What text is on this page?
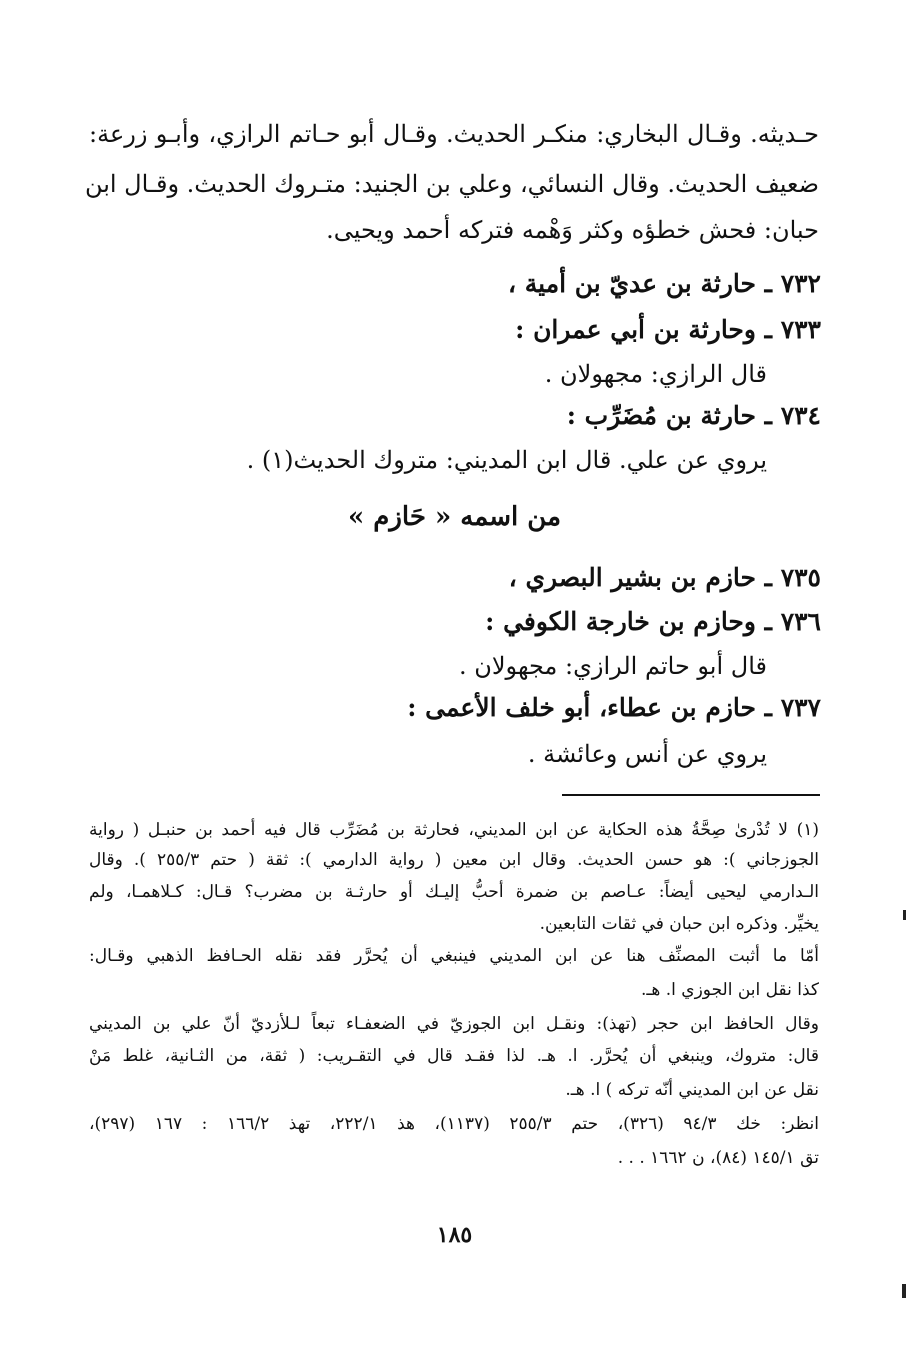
حـديثه. وقـال البخاري: منكـر الحديث. وقـال أبو حـاتم الرازي، وأبـو زرعة:
ضعيف الحديث. وقال النسائي، وعلي بن الجنيد: متـروك الحديث. وقـال ابن
حبان: فحش خطؤه وكثر وَهْمه فتركه أحمد ويحيى.
٧٣٢ ـ حارثة بن عديّ بن أمية ،
٧٣٣ ـ وحارثة بن أبي عمران :
قال الرازي: مجهولان .
٧٣٤ ـ حارثة بن مُضَرِّب :
يروي عن علي. قال ابن المديني: متروك الحديث(١) .
من اسمه « حَازم »
٧٣٥ ـ حازم بن بشير البصري ،
٧٣٦ ـ وحازم بن خارجة الكوفي :
قال أبو حاتم الرازي: مجهولان .
٧٣٧ ـ حازم بن عطاء، أبو خلف الأعمى :
يروي عن أنس وعائشة .
(١) لا تُدْرىٰ صِحَّةُ هذه الحكاية عن ابن المديني، فحارثة بن مُضَرِّب قال فيه أحمد بن حنبـل ( رواية
الجوزجاني ): هو حسن الحديث. وقال ابن معين ( رواية الدارمي ): ثقة ( حتم ٢٥٥/٣ ). وقال
الـدارمي ليحيى أيضاً: عـاصم بن ضمرة أحبُّ إليـك أو حارثـة بن مضرب؟ قـال: كـلاهمـا، ولم
يخيِّر. وذكره ابن حبان في ثقات التابعين.
أمّا ما أثبت المصنِّف هنا عن ابن المديني فينبغي أن يُحرَّر فقد نقله الحـافظ الذهبي وقـال:
كذا نقل ابن الجوزي ا. هـ.
وقال الحافظ ابن حجر (تهذ): ونقـل ابن الجوزيّ في الضعفـاء تبعاً لـلأزديّ أنّ علي بن المديني
قال: متروك، وينبغي أن يُحرَّر. ا. هـ. لذا فقـد قال في التقـريب: ( ثقة، من الثـانية، غلط مَنْ
نقل عن ابن المديني أنّه تركه ) ا. هـ.
انظر: خك ٩٤/٣ (٣٢٦)، حتم ٢٥٥/٣ (١١٣٧)، هذ ٢٢٢/١، تهذ ١٦٦/٢ : ١٦٧ (٢٩٧)،
تق ١٤٥/١ (٨٤)، ن ١٦٦٢ . . .
١٨٥
